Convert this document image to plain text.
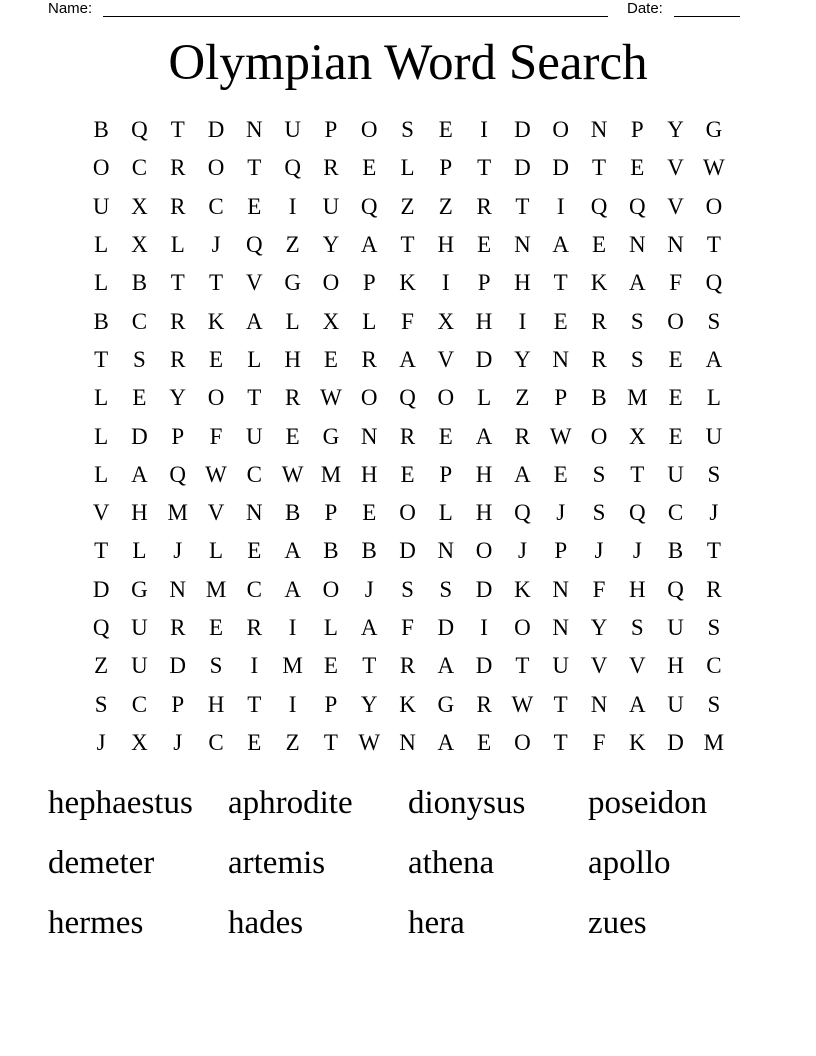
Name:	Date:
Olympian Word Search
B Q T D N U	P	O	S	E	I	D O N	P	Y G
O C R O T Q R	E	L	P	T D D T	E V W
U X R C	E	I	U Q Z	Z	R	T	I	Q Q V O
L X L	J	Q Z Y A T H E N A E N N T
L	B	T	T V G O	P	K	I	P	H T K A	F	Q
B C R K A L X L	F	X H	I	E	R	S	O	S
T	S	R	E	L H E	R A V D Y N R	S	E A
L	E Y O T	R W O Q O L	Z	P	B M E	L
L D	P	F	U E G N R	E A R W O X E U
L A Q W C W M H E	P	H A E	S	T U	S
V H M V N B	P	E O L H Q	J	S	Q C	J
T	L	J	L	E A B B D N O	J	P	J	J	B	T
D G N M C A O	J	S	S	D K N	F	H Q R
Q U R	E	R	I	L A	F	D	I	O N Y	S	U	S
Z U D	S	I	M E	T	R A D T U V V H C
S	C	P	H T	I	P	Y K G R W T N A U	S
J	X	J	C	E	Z	T W N A E O T	F	K D M
hephaestus	aphrodite	dionysus	poseidon
demeter	artemis	athena	apollo
hermes	hades	hera	zues
